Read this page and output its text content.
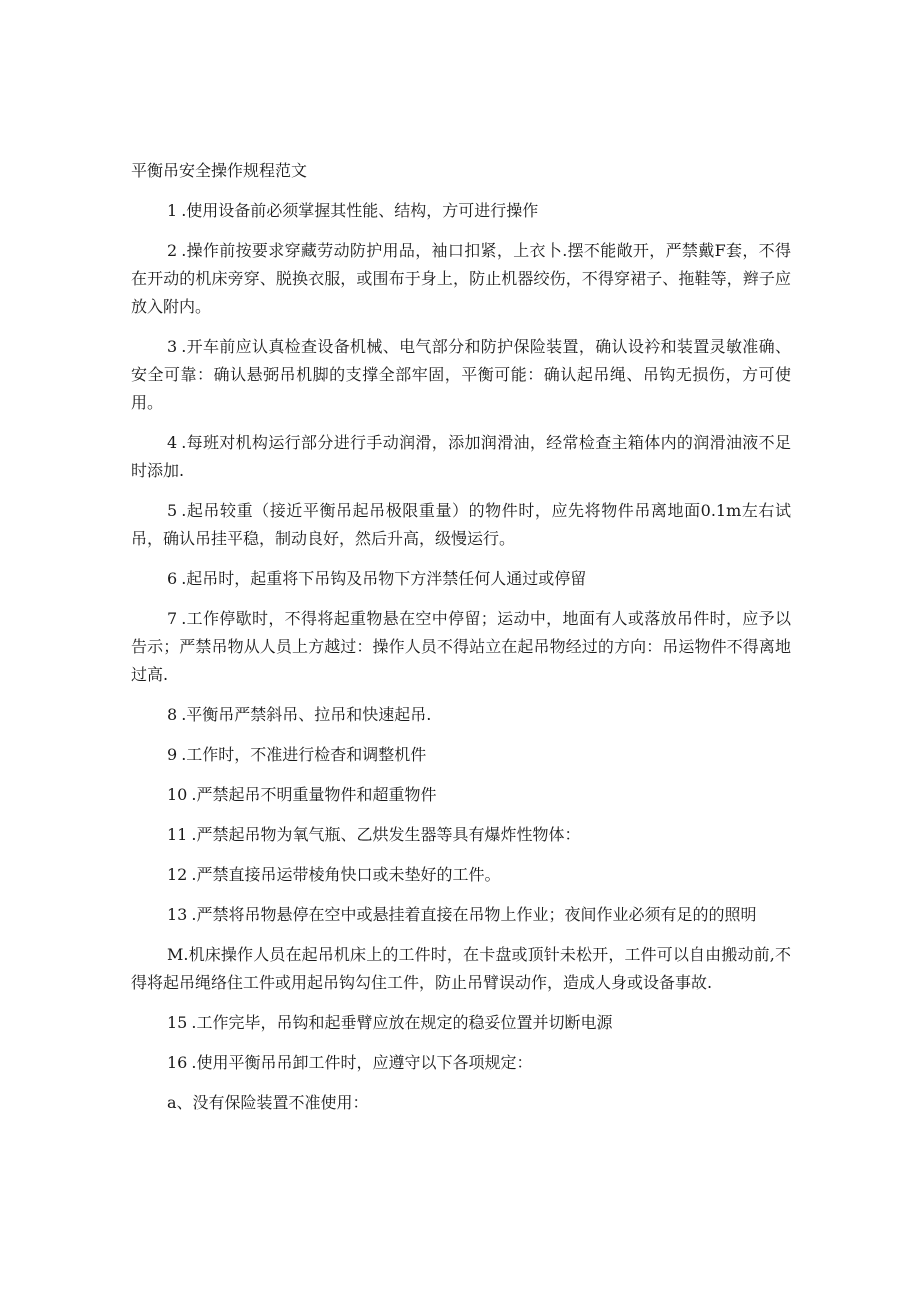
平衡吊安全操作规程范文

1 .使用设备前必须掌握其性能、结构，方可进行操作

2 .操作前按要求穿藏劳动防护用品，袖口扣紧，上衣卜.摆不能敞开，严禁戴F套，不得在开动的机床旁穿、脱换衣服，或围布于身上，防止机器绞伤，不得穿裙子、拖鞋等，辫子应放入附内。

3 .开车前应认真检查设备机械、电气部分和防护保险装置，确认设衿和装置灵敏准确、安全可靠：确认悬弼吊机脚的支撑全部牢固，平衡可能：确认起吊绳、吊钩无损伤，方可使用。

4 .每班对机构运行部分进行手动润滑，添加润滑油，经常检查主箱体内的润滑油液不足时添加.

5 .起吊较重（接近平衡吊起吊极限重量）的物件时，应先将物件吊离地面0.1m左右试吊，确认吊挂平稳，制动良好，然后升高，级慢运行。

6 .起吊时，起重将下吊钩及吊物下方泮禁任何人通过或停留

7 .工作停歇时，不得将起重物悬在空中停留；运动中，地面有人或落放吊件时，应予以告示；严禁吊物从人员上方越过：操作人员不得站立在起吊物经过的方向：吊运物件不得离地过高.

8 .平衡吊严禁斜吊、拉吊和快速起吊.

9 .工作时，不准进行检杳和调整机件

10 .严禁起吊不明重量物件和超重物件

11 .严禁起吊物为氧气瓶、乙烘发生器等具有爆炸性物体：

12 .严禁直接吊运带棱角快口或未垫好的工件。

13 .严禁将吊物悬停在空中或悬挂着直接在吊物上作业；夜间作业必须有足的的照明

M.机床操作人员在起吊机床上的工件时，在卡盘或顶针未松开，工件可以自由搬动前,不得将起吊绳络住工件或用起吊钩勾住工件，防止吊臂误动作，造成人身或设备事故.

15 .工作完毕，吊钩和起垂臂应放在规定的稳妥位置并切断电源

16 .使用平衡吊吊卸工件时，应遵守以下各项规定：

a、没有保险装置不准使用：
